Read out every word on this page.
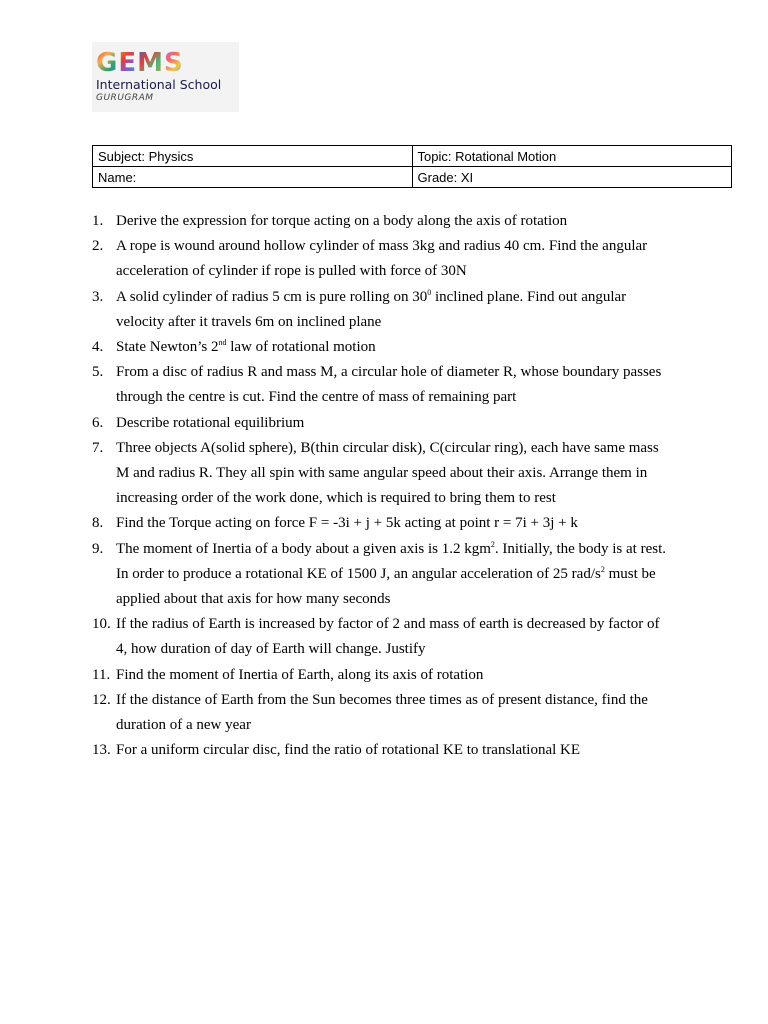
G E M S
International School
GURUGRAM
Subject: Physics	Topic: Rotational Motion
Name:	Grade: XI
1. Derive the expression for torque acting on a body along the axis of rotation
2. A rope is wound around hollow cylinder of mass 3kg and radius 40 cm. Find the angular acceleration of cylinder if rope is pulled with force of 30N
3. A solid cylinder of radius 5 cm is pure rolling on $30^0$ inclined plane. Find out angular velocity after it travels 6m on inclined plane
4. State Newton’s 2nd law of rotational motion
5. From a disc of radius R and mass M, a circular hole of diameter R, whose boundary passes through the centre is cut. Find the centre of mass of remaining part
6. Describe rotational equilibrium
7. Three objects A(solid sphere), B(thin circular disk), C(circular ring), each have same mass M and radius R. They all spin with same angular speed about their axis. Arrange them in increasing order of the work done, which is required to bring them to rest
8. Find the Torque acting on force F = -3i + j + 5k acting at point r = 7i + 3j + k
9. The moment of Inertia of a body about a given axis is 1.2 kgm$^2$. Initially, the body is at rest. In order to produce a rotational KE of 1500 J, an angular acceleration of 25 rad/$s^2$ must be applied about that axis for how many seconds
10. If the radius of Earth is increased by factor of 2 and mass of earth is decreased by factor of 4, how duration of day of Earth will change. Justify
11. Find the moment of Inertia of Earth, along its axis of rotation
12. If the distance of Earth from the Sun becomes three times as of present distance, find the duration of a new year
13. For a uniform circular disc, find the ratio of rotational KE to translational KE
